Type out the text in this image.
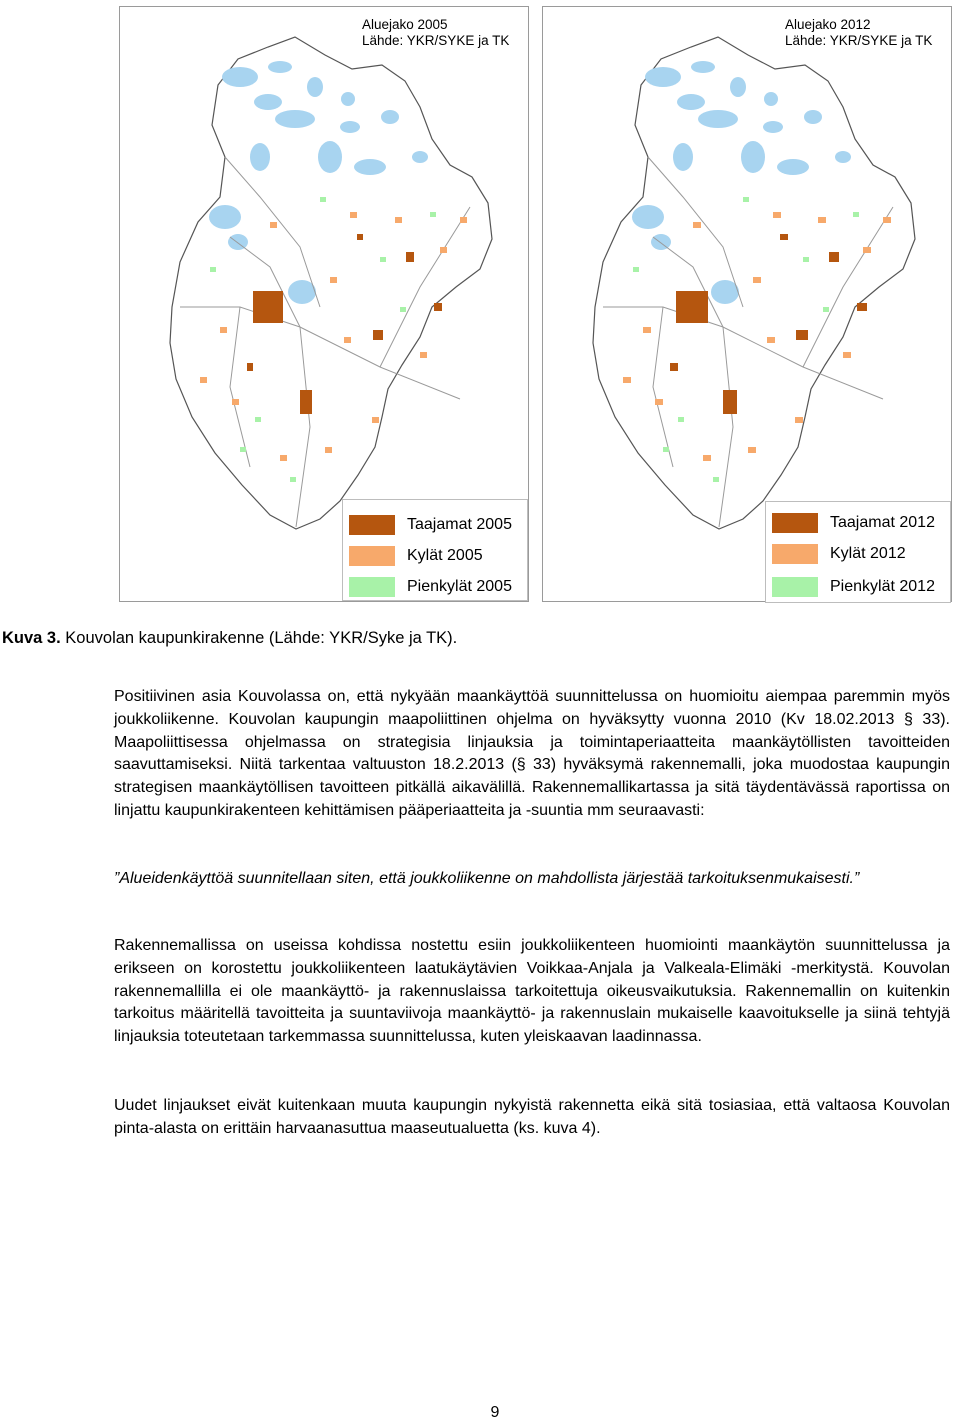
Aluejako 2005
Lähde: YKR/SYKE ja TK
Taajamat 2005
Kylät 2005
Pienkylät 2005
Aluejako 2012
Lähde: YKR/SYKE ja TK
Taajamat 2012
Kylät 2012
Pienkylät 2012
Kuva 3. Kouvolan kaupunkirakenne (Lähde: YKR/Syke ja TK).

Positiivinen asia Kouvolassa on, että nykyään maankäyttöä suunnittelussa on huomioitu aiempaa paremmin myös joukkoliikenne. Kouvolan kaupungin maapoliittinen ohjelma on hyväksytty vuonna 2010 (Kv 18.02.2013 § 33). Maapoliittisessa ohjelmassa on strategisia linjauksia ja toimintaperiaatteita maankäytöllisten tavoitteiden saavuttamiseksi. Niitä tarkentaa valtuuston 18.2.2013 (§ 33) hyväksymä rakennemalli, joka muodostaa kaupungin strategisen maankäytöllisen tavoitteen pitkällä aikavälillä. Rakennemallikartassa ja sitä täydentävässä raportissa on linjattu kaupunkirakenteen kehittämisen pääperiaatteita ja -suuntia mm seuraavasti:

”Alueidenkäyttöä suunnitellaan siten, että joukkoliikenne on mahdollista järjestää tarkoituksenmukaisesti.”

Rakennemallissa on useissa kohdissa nostettu esiin joukkoliikenteen huomiointi maankäytön suunnittelussa ja erikseen on korostettu joukkoliikenteen laatukäytävien Voikkaa-Anjala ja Valkeala-Elimäki -merkitystä. Kouvolan rakennemallilla ei ole maankäyttö- ja rakennuslaissa tarkoitettuja oikeusvaikutuksia. Rakennemallin on kuitenkin tarkoitus määritellä tavoitteita ja suuntaviivoja maankäyttö- ja rakennuslain mukaiselle kaavoitukselle ja siinä tehtyjä linjauksia toteutetaan tarkemmassa suunnittelussa, kuten yleiskaavan laadinnassa.

Uudet linjaukset eivät kuitenkaan muuta kaupungin nykyistä rakennetta eikä sitä tosiasiaa, että valtaosa Kouvolan pinta-alasta on erittäin harvaanasuttua maaseutualuetta (ks. kuva 4).

9
